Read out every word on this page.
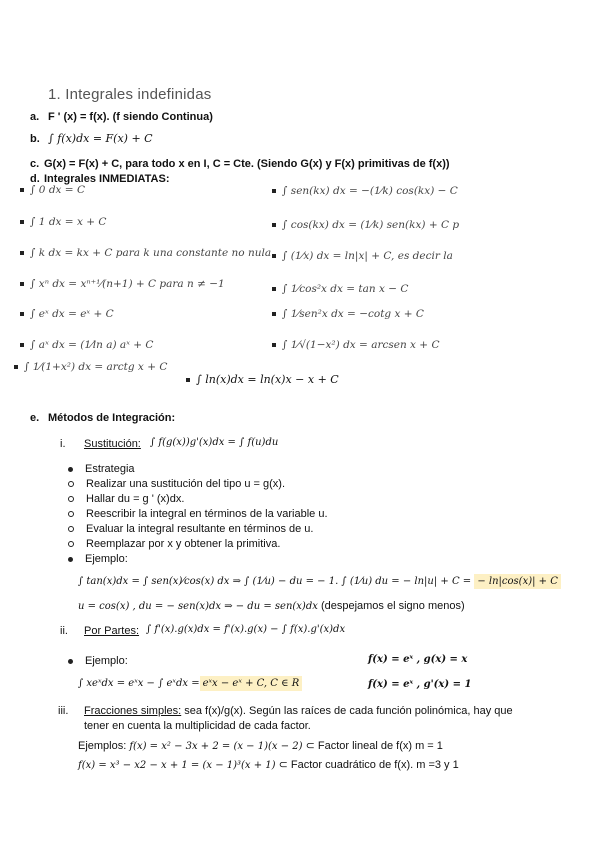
1. Integrales indefinidas
a. F ' (x) = f(x). (f siendo Continua)
b. ∫ f(x)dx = F(x) + C
c. G(x) = F(x) + C, para todo x en I, C = Cte. (Siendo G(x) y F(x) primitivas de f(x))
d. Integrales INMEDIATAS:
∫ 0 dx = C
∫ 1 dx = x + C
∫ k dx = kx + C para k una constante no nula
∫ xⁿ dx = xⁿ⁺¹⁄(n+1) + C para n ≠ −1
∫ eˣ dx = eˣ + C
∫ aˣ dx = (1⁄ln a) aˣ + C
∫ 1⁄(1+x²) dx = arctg x + C
∫ sen(kx) dx = −(1⁄k) cos(kx) − C
∫ cos(kx) dx = (1⁄k) sen(kx) + C p
∫ (1⁄x) dx = ln|x| + C, es decir la
∫ 1⁄cos²x dx = tan x − C
∫ 1⁄sen²x dx = −cotg x + C
∫ 1⁄√(1−x²) dx = arcsen x + C
∫ ln(x)dx = ln(x)x − x + C
e. Métodos de Integración:
i. Sustitución: ∫ f(g(x))g'(x)dx = ∫ f(u)du
Estrategia
Realizar una sustitución del tipo u = g(x).
Hallar du = g ' (x)dx.
Reescribir la integral en términos de la variable u.
Evaluar la integral resultante en términos de u.
Reemplazar por x y obtener la primitiva.
Ejemplo:
∫ tan(x)dx = ∫ sen(x)⁄cos(x) dx ⇒ ∫ (1⁄u) − du = − 1. ∫ (1⁄u) du = − ln|u| + C = − ln|cos(x)| + C
u = cos(x) , du = − sen(x)dx ⇒ − du = sen(x)dx (despejamos el signo menos)
ii. Por Partes: ∫ f'(x).g(x)dx = f'(x).g(x) − ∫ f(x).g'(x)dx
Ejemplo:	f(x) = eˣ , g(x) = x
∫ xeˣdx = eˣx − ∫ eˣdx = eˣx − eˣ + C, C ∈ R	f(x) = eˣ , g'(x) = 1
iii. Fracciones simples: sea f(x)/g(x). Según las raíces de cada función polinómica, hay que
tener en cuenta la multiplicidad de cada factor.
Ejemplos: f(x) = x² − 3x + 2 = (x − 1)(x − 2) ⊂ Factor lineal de f(x) m = 1
f(x) = x³ − x2 − x + 1 = (x − 1)³(x + 1) ⊂ Factor cuadrático de f(x). m =3 y 1
